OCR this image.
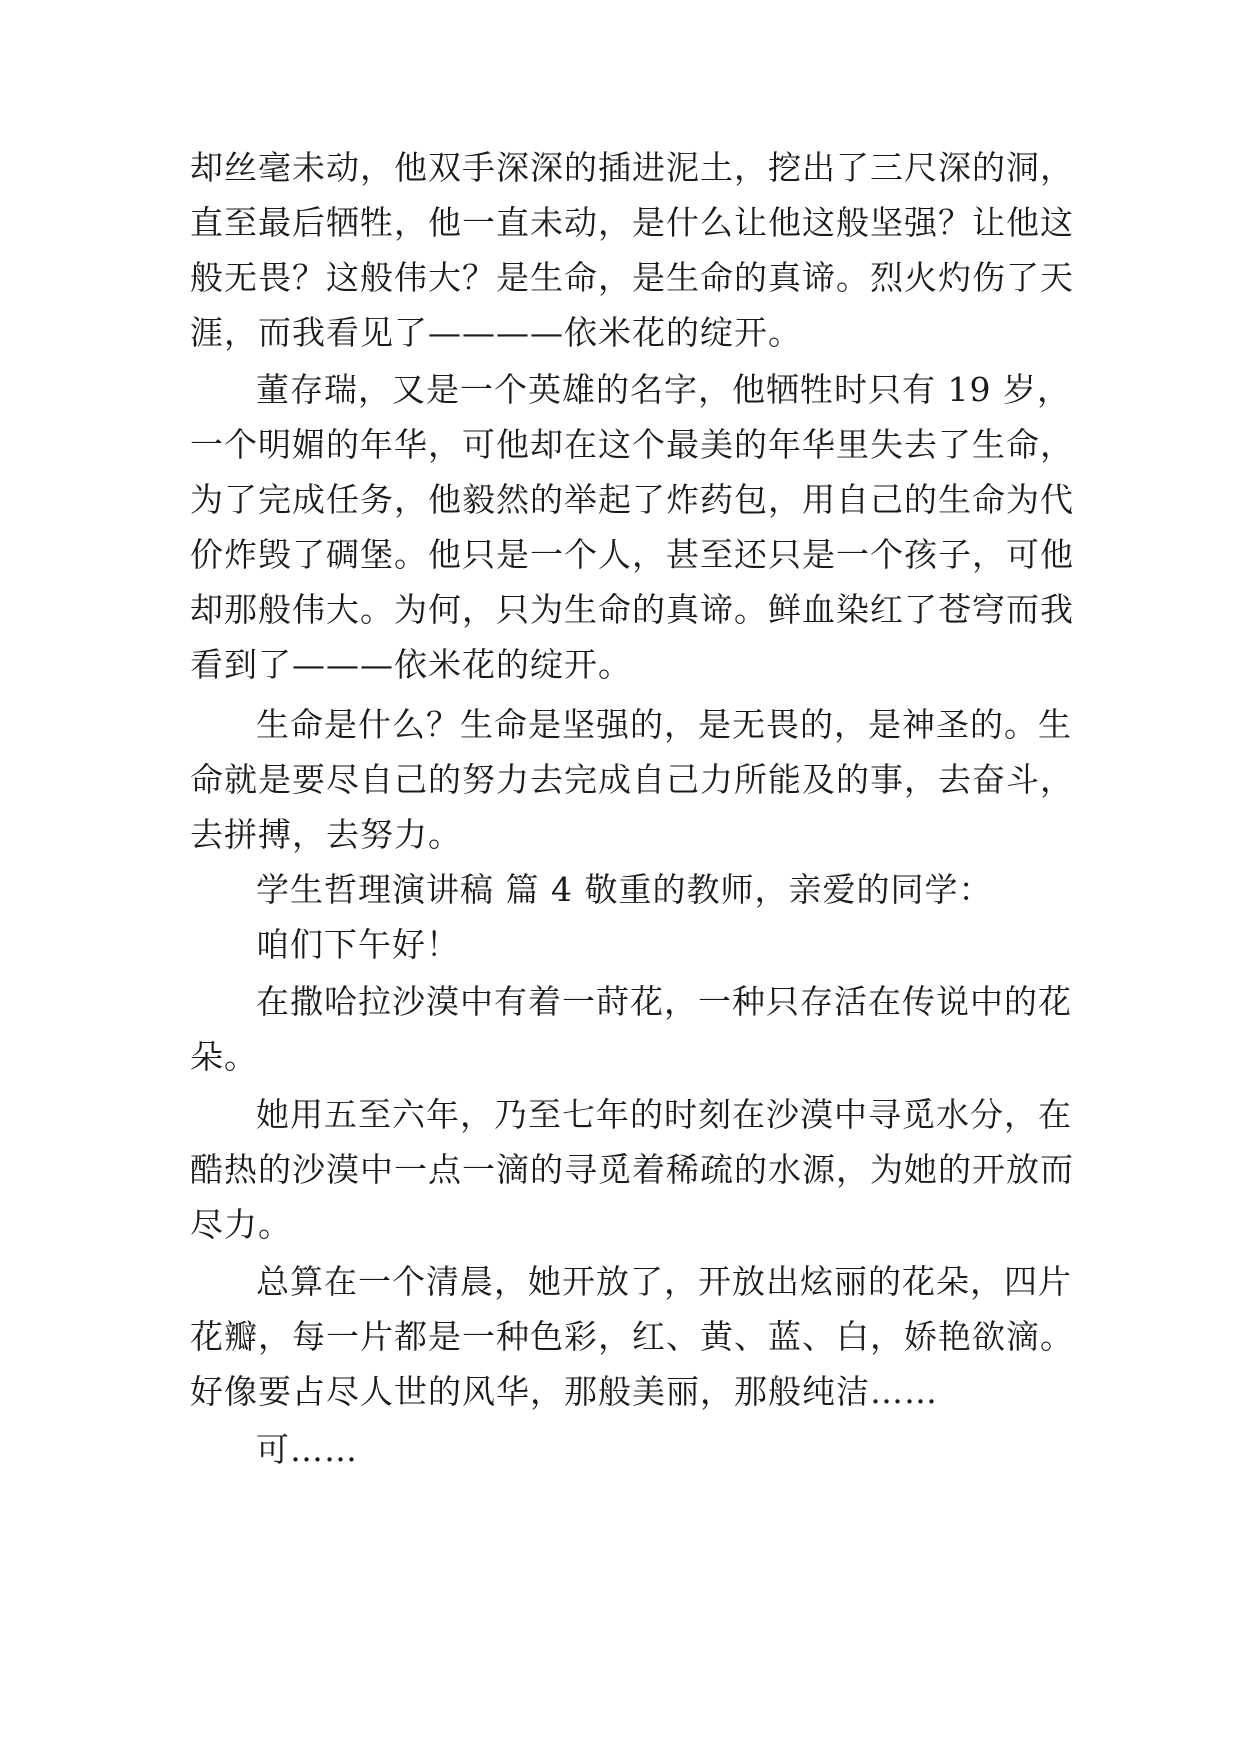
却丝毫未动，他双手深深的插进泥土，挖出了三尺深的洞，
直至最后牺牲，他一直未动，是什么让他这般坚强？让他这
般无畏？这般伟大？是生命，是生命的真谛。烈火灼伤了天
涯，而我看见了————依米花的绽开。
董存瑞，又是一个英雄的名字，他牺牲时只有 19 岁，
一个明媚的年华，可他却在这个最美的年华里失去了生命，
为了完成任务，他毅然的举起了炸药包，用自己的生命为代
价炸毁了碉堡。他只是一个人，甚至还只是一个孩子，可他
却那般伟大。为何，只为生命的真谛。鲜血染红了苍穹而我
看到了———依米花的绽开。
生命是什么？生命是坚强的，是无畏的，是神圣的。生
命就是要尽自己的努力去完成自己力所能及的事，去奋斗，
去拼搏，去努力。
学生哲理演讲稿 篇 4 敬重的教师，亲爱的同学：
咱们下午好！
在撒哈拉沙漠中有着一莳花，一种只存活在传说中的花
朵。
她用五至六年，乃至七年的时刻在沙漠中寻觅水分，在
酷热的沙漠中一点一滴的寻觅着稀疏的水源，为她的开放而
尽力。
总算在一个清晨，她开放了，开放出炫丽的花朵，四片
花瓣，每一片都是一种色彩，红、黄、蓝、白，娇艳欲滴。
好像要占尽人世的风华，那般美丽，那般纯洁……
可……
